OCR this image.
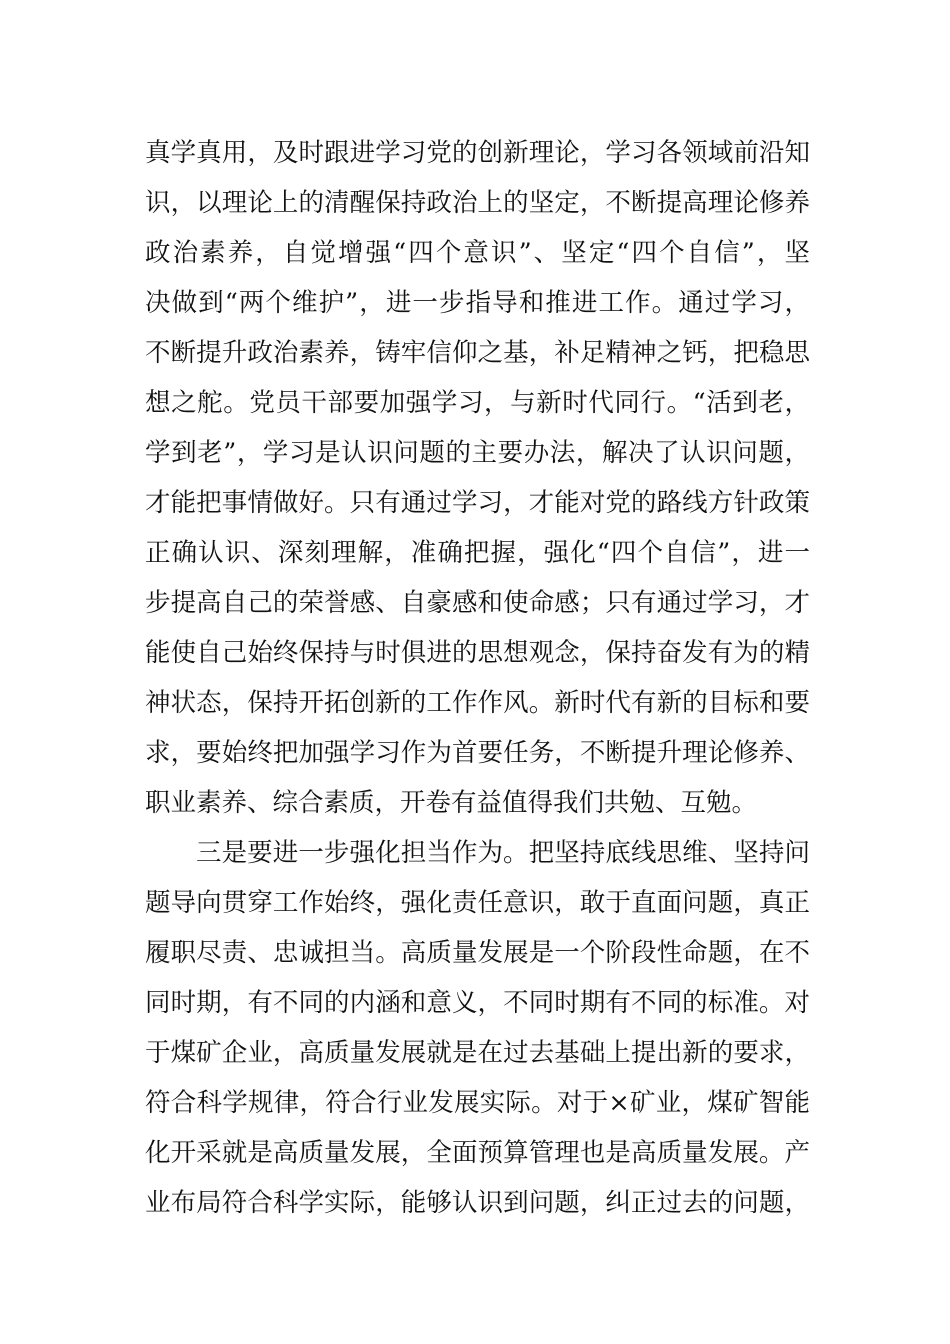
真学真用，及时跟进学习党的创新理论，学习各领域前沿知
识，以理论上的清醒保持政治上的坚定，不断提高理论修养
政治素养，自觉增强“四个意识”、坚定“四个自信”，坚
决做到“两个维护”，进一步指导和推进工作。通过学习，
不断提升政治素养，铸牢信仰之基，补足精神之钙，把稳思
想之舵。党员干部要加强学习，与新时代同行。“活到老，
学到老”，学习是认识问题的主要办法，解决了认识问题，
才能把事情做好。只有通过学习，才能对党的路线方针政策
正确认识、深刻理解，准确把握，强化“四个自信”，进一
步提高自己的荣誉感、自豪感和使命感；只有通过学习，才
能使自己始终保持与时俱进的思想观念，保持奋发有为的精
神状态，保持开拓创新的工作作风。新时代有新的目标和要
求，要始终把加强学习作为首要任务，不断提升理论修养、
职业素养、综合素质，开卷有益值得我们共勉、互勉。
三是要进一步强化担当作为。把坚持底线思维、坚持问
题导向贯穿工作始终，强化责任意识，敢于直面问题，真正
履职尽责、忠诚担当。高质量发展是一个阶段性命题，在不
同时期，有不同的内涵和意义，不同时期有不同的标准。对
于煤矿企业，高质量发展就是在过去基础上提出新的要求，
符合科学规律，符合行业发展实际。对于×矿业，煤矿智能
化开采就是高质量发展，全面预算管理也是高质量发展。产
业布局符合科学实际，能够认识到问题，纠正过去的问题，
